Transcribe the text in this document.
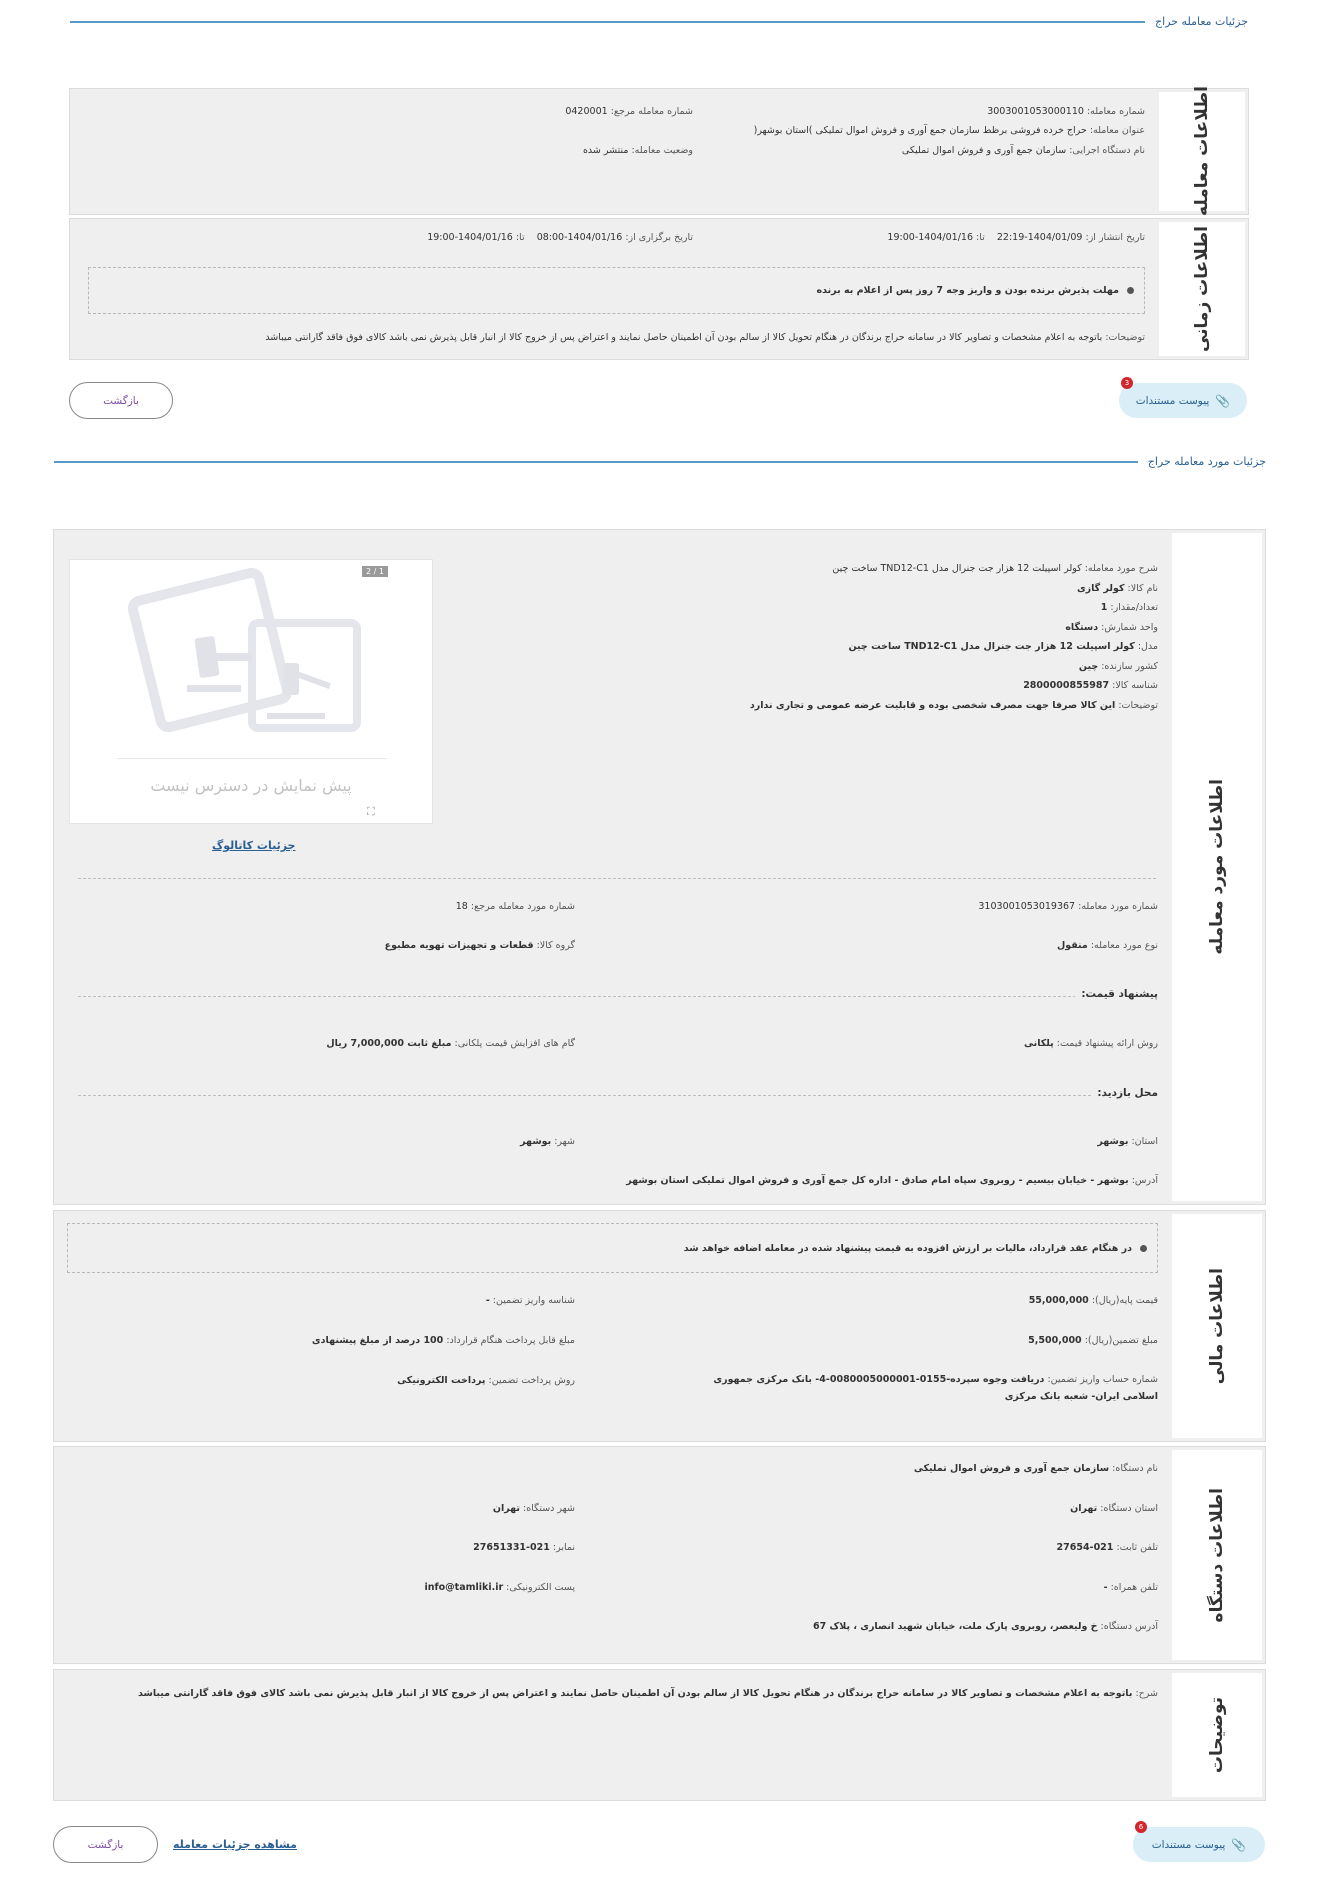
جزئیات معامله حراج
اطلاعات معامله
شماره معامله: 3003001053000110
شماره معامله مرجع: 0420001
عنوان معامله: حراج خرده فروشی برظط سازمان جمع آوری و فروش اموال تملیکی )استان بوشهر(
وضعیت معامله: منتشر شده	نام دستگاه اجرایی: سازمان جمع آوری و فروش اموال تملیکی
اطلاعات زمانی
تاریخ انتشار از: 1404/01/09-22:19    تا: 1404/01/16-19:00
تاریخ برگزاری از: 1404/01/16-08:00    تا: 1404/01/16-19:00
مهلت پذیرش برنده بودن و واریز وجه 7 روز پس از اعلام به برنده
توضیحات: باتوجه به اعلام مشخصات و تصاویر کالا در سامانه حراج برندگان در هنگام تحویل کالا از سالم بودن آن اطمینان حاصل نمایند و اعتراض پس از خروج کالا از انبار قابل پذیرش نمی باشد کالای فوق فاقد گارانتی میباشد
📎
پیوست مستندات
3
بازگشت
جزئیات مورد معامله حراج
اطلاعات مورد معامله
شرح مورد معامله: کولر اسپیلت 12 هزار جت جنرال مدل TND12-C1 ساخت چین
نام کالا: کولر گازی
تعداد/مقدار: 1
واحد شمارش: دستگاه
مدل: کولر اسپیلت 12 هزار جت جنرال مدل TND12-C1 ساخت چین
کشور سازنده: چین
شناسه کالا: 2800000855987
توضیحات: این کالا صرفا جهت مصرف شخصی بوده و قابلیت عرضه عمومی و تجاری ندارد
1 / 2
پیش نمایش در دسترس نیست
⛶
جزئیات کاتالوگ
شماره مورد معامله: 3103001053019367
شماره مورد معامله مرجع: 18
نوع مورد معامله: منقول
گروه کالا: قطعات و تجهیزات تهویه مطبوع
پیشنهاد قیمت:
روش ارائه پیشنهاد قیمت: پلکانی
گام های افزایش قیمت پلکانی: مبلغ ثابت 7,000,000 ریال
محل بازدید:
استان: بوشهر
شهر: بوشهر
آدرس: بوشهر - خیابان بیسیم - روبروی سپاه امام صادق - اداره کل جمع آوری و فروش اموال تملیکی استان بوشهر
اطلاعات مالی
در هنگام عقد قرارداد، مالیات بر ارزش افزوده به قیمت پیشنهاد شده در معامله اضافه خواهد شد
قیمت پایه(ریال): 55,000,000
شناسه واریز تضمین: -
مبلغ تضمین(ریال): 5,500,000
مبلغ قابل پرداخت هنگام قرارداد: 100 درصد از مبلغ پیشنهادی
شماره حساب واریز تضمین: دریافت وجوه سپرده-0155-0080005000001-4- بانک مرکزی جمهوری اسلامی ایران- شعبه بانک مرکزی
روش پرداخت تضمین: پرداخت الکترونیکی
اطلاعات دستگاه
نام دستگاه: سازمان جمع آوری و فروش اموال تملیکی
استان دستگاه: تهران
شهر دستگاه: تهران
تلفن ثابت: 021-27654
نمابر: 021-27651331
تلفن همراه: -
پست الکترونیکی: info@tamliki.ir
آدرس دستگاه: خ ولیعصر، روبروی پارک ملت، خیابان شهید انصاری ، پلاک 67
توضیحات
شرح: باتوجه به اعلام مشخصات و تصاویر کالا در سامانه حراج برندگان در هنگام تحویل کالا از سالم بودن آن اطمینان حاصل نمایند و اعتراض پس از خروج کالا از انبار قابل پذیرش نمی باشد کالای فوق فاقد گارانتی میباشد
📎
پیوست مستندات
6
مشاهده جزئیات معامله
بازگشت
